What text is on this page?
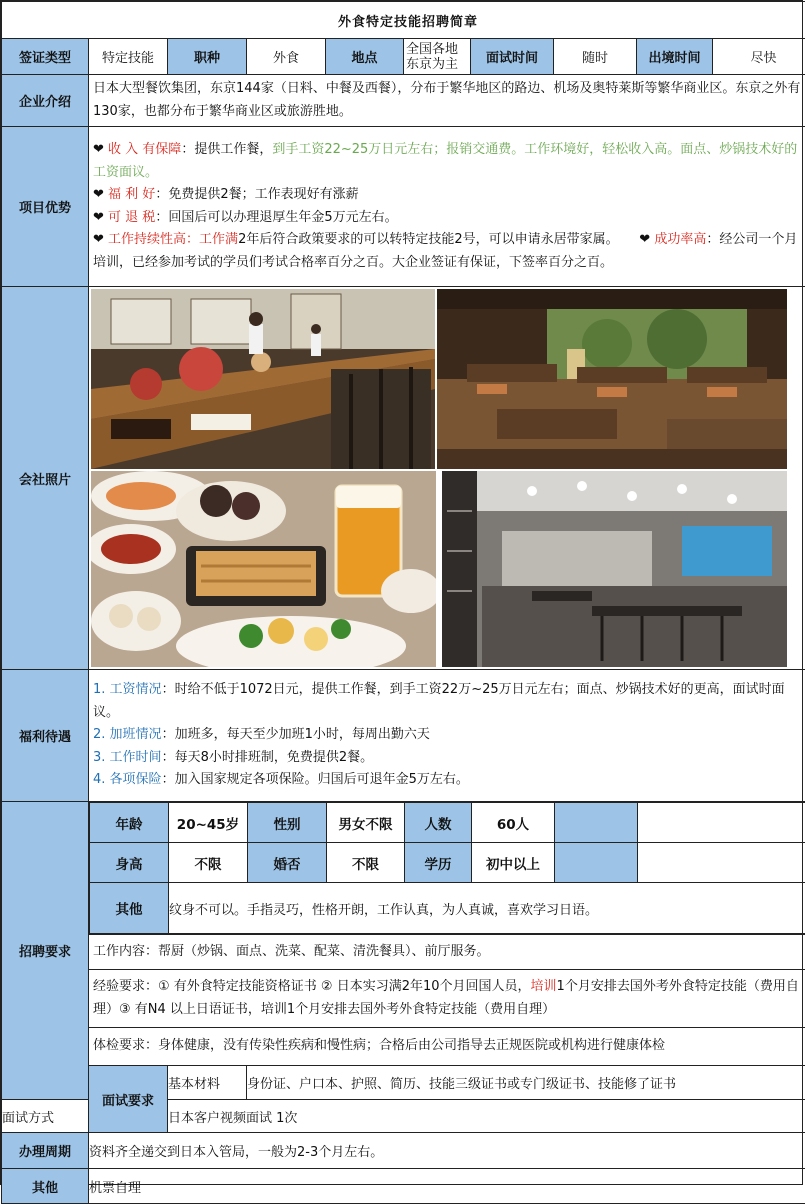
外食特定技能招聘简章
签证类型	特定技能	职种	外食	地点	全国各地东京为主	面试时间	随时	出境时间	尽快
企业介绍	日本大型餐饮集团，东京144家（日料、中餐及西餐），分布于繁华地区的路边、机场及奥特莱斯等繁华商业区。东京之外有130家，也都分布于繁华商业区或旅游胜地。
项目优势	❤ 收 入 有保障：提供工作餐，到手工资22~25万日元左右；报销交通费。工作环境好，轻松收入高。面点、炒锅技术好的工资面议。
❤ 福 利 好：免费提供2餐；工作表现好有涨薪
❤ 可 退 税：回国后可以办理退厚生年金5万元左右。
❤ 工作持续性高：工作满2年后符合政策要求的可以转特定技能2号，可以申请永居带家属。 ❤ 成功率高：经公司一个月培训，已经参加考试的学员们考试合格率百分之百。大企业签证有保证，下签率百分之百。
会社照片	

福利待遇	
1. 工资情况：时给不低于1072日元，提供工作餐，到手工资22万~25万日元左右；面点、炒锅技术好的更高，面试时面议。
2. 加班情况：加班多，每天至少加班1小时，每周出勤六天
3. 工作时间：每天8小时排班制，免费提供2餐。
4. 各项保险：加入国家规定各项保险。归国后可退年金5万左右。

招聘要求	
年龄	20~45岁	性别	男女不限	人数	60人		
身高	不限	婚否	不限	学历	初中以上		
其他	纹身不可以。手指灵巧，性格开朗，工作认真，为人真诚，喜欢学习日语。

工作内容：帮厨（炒锅、面点、洗菜、配菜、清洗餐具）、前厅服务。
经验要求：① 有外食特定技能资格证书 ② 日本实习满2年10个月回国人员，培训1个月安排去国外考外食特定技能（费用自理）③ 有N4 以上日语证书，培训1个月安排去国外考外食特定技能（费用自理）
体检要求：身体健康，没有传染性疾病和慢性病；合格后由公司指导去正规医院或机构进行健康体检
面试要求	基本材料	身份证、户口本、护照、简历、技能三级证书或专门级证书、技能修了证书
面试方式	日本客户视频面试 1次
办理周期	资料齐全递交到日本入管局，一般为2-3个月左右。
其他	机票自理
